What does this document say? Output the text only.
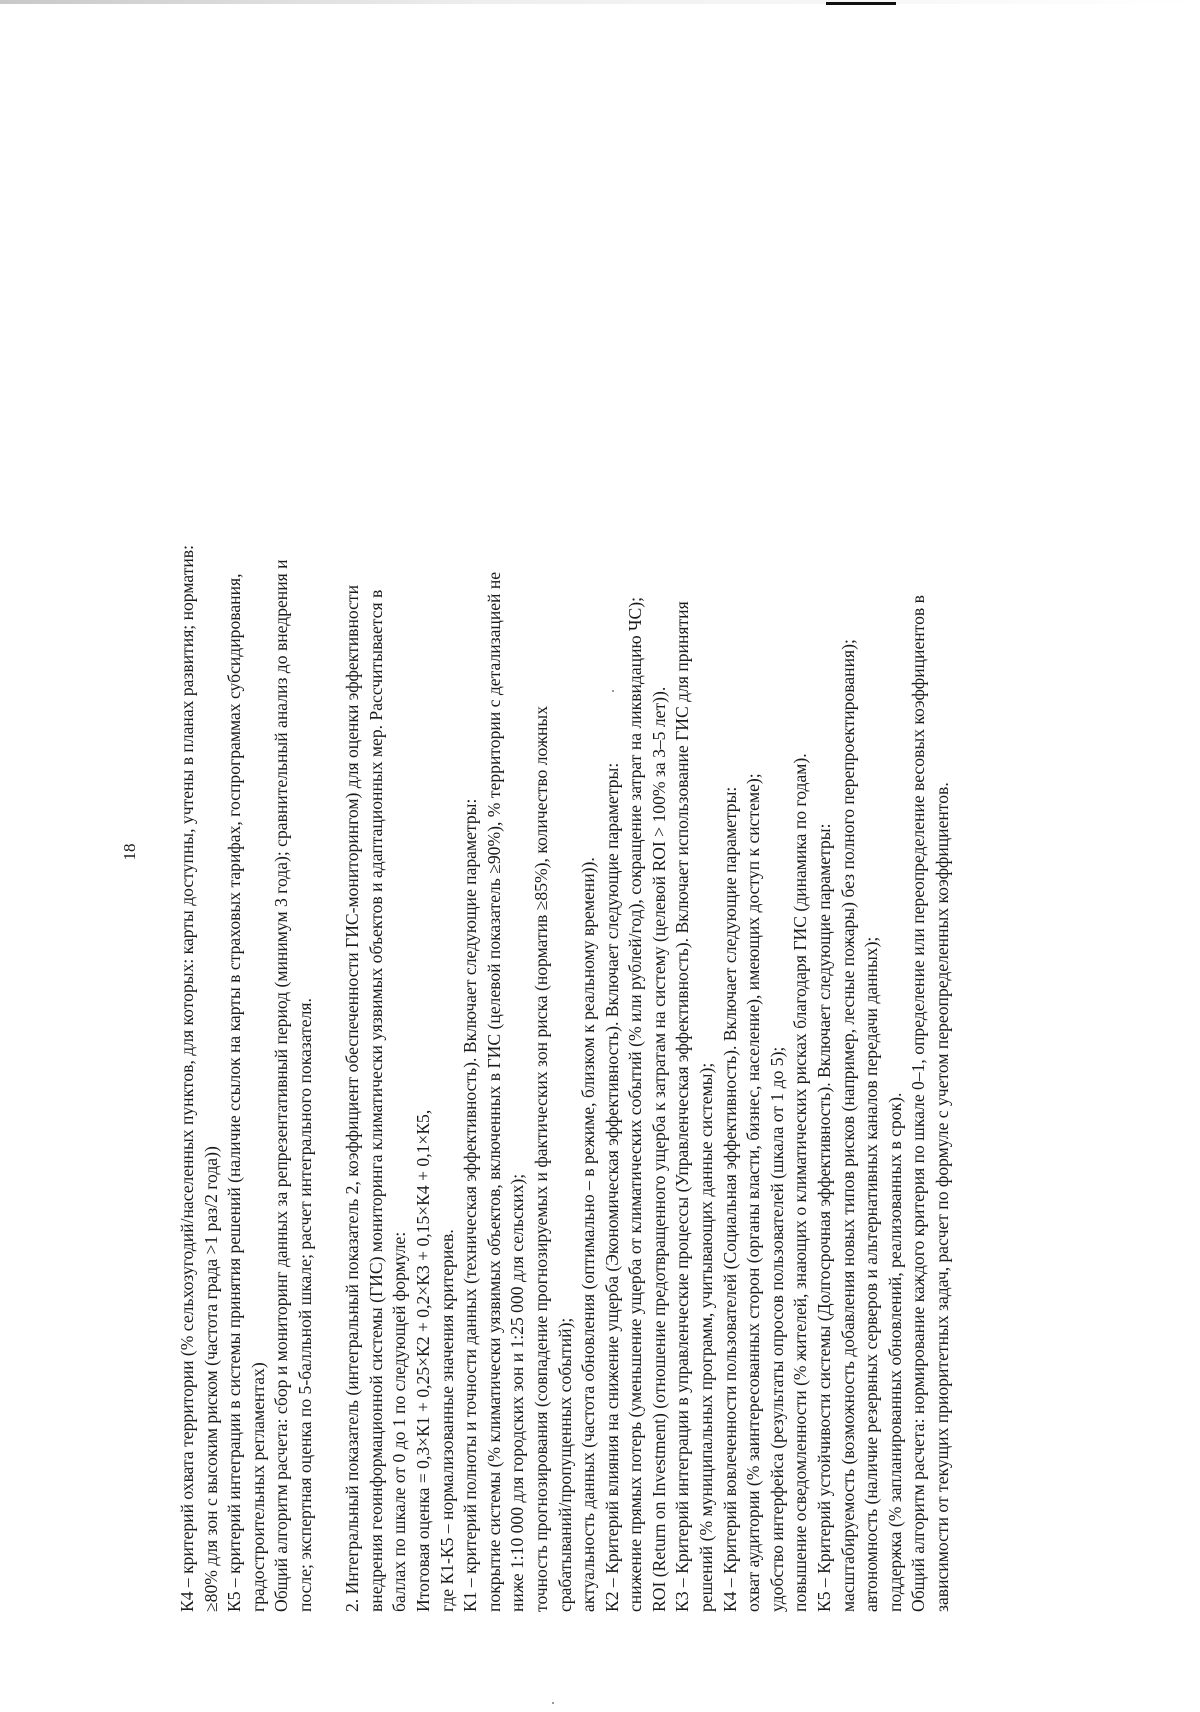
18 К4 – критерий охвата территории (% сельхозугодий/населенных пунктов, для которых: карты доступны, учтены в планах развития; норматив: ≥80% для зон с высоким риском (частота града >1 раз/2 года)) К5 – критерий интеграции в системы принятия решений (наличие ссылок на карты в страховых тарифах, госпрограммах субсидирования, градостроительных регламентах) Общий алгоритм расчета: сбор и мониторинг данных за репрезентативный период (минимум 3 года); сравнительный анализ до внедрения и после; экспертная оценка по 5-балльной шкале; расчет интегрального показателя. 2. Интегральный показатель (интегральный показатель 2, коэффициент обеспеченности ГИС-мониторингом) для оценки эффективности внедрения геоинформационной системы (ГИС) мониторинга климатически уязвимых объектов и адаптационных мер. Рассчитывается в баллах по шкале от 0 до 1 по следующей формуле: Итоговая оценка = 0,3×К1 + 0,25×К2 + 0,2×К3 + 0,15×К4 + 0,1×К5, где К1-К5 – нормализованные значения критериев. К1 – критерий полноты и точности данных (техническая эффективность). Включает следующие параметры: покрытие системы (% климатически уязвимых объектов, включенных в ГИС (целевой показатель ≥90%), % территории с детализацией не ниже 1:10 000 для городских зон и 1:25 000 для сельских); точность прогнозирования (совпадение прогнозируемых и фактических зон риска (норматив ≥85%), количество ложных срабатываний/пропущенных событий); актуальность данных (частота обновления (оптимально – в режиме, близком к реальному времени)). К2 – Критерий влияния на снижение ущерба (Экономическая эффективность). Включает следующие параметры: снижение прямых потерь (уменьшение ущерба от климатических событий (% или рублей/год), сокращение затрат на ликвидацию ЧС); ROI (Return on Investment) (отношение предотвращенного ущерба к затратам на систему (целевой ROI > 100% за 3–5 лет)). К3 – Критерий интеграции в управленческие процессы (Управленческая эффективность). Включает использование ГИС для принятия решений (% муниципальных программ, учитывающих данные системы); К4 – Критерий вовлеченности пользователей (Социальная эффективность). Включает следующие параметры: охват аудитории (% заинтересованных сторон (органы власти, бизнес, население), имеющих доступ к системе); удобство интерфейса (результаты опросов пользователей (шкала от 1 до 5); повышение осведомленности (% жителей, знающих о климатических рисках благодаря ГИС (динамика по годам). К5 – Критерий устойчивости системы (Долгосрочная эффективность). Включает следующие параметры: масштабируемость (возможность добавления новых типов рисков (например, лесные пожары) без полного перепроектирования); автономность (наличие резервных серверов и альтернативных каналов передачи данных); поддержка (% запланированных обновлений, реализованных в срок). Общий алгоритм расчета: нормирование каждого критерия по шкале 0–1, определение или переопределение весовых коэффициентов в зависимости от текущих приоритетных задач, расчет по формуле с учетом переопределенных коэффициентов.
